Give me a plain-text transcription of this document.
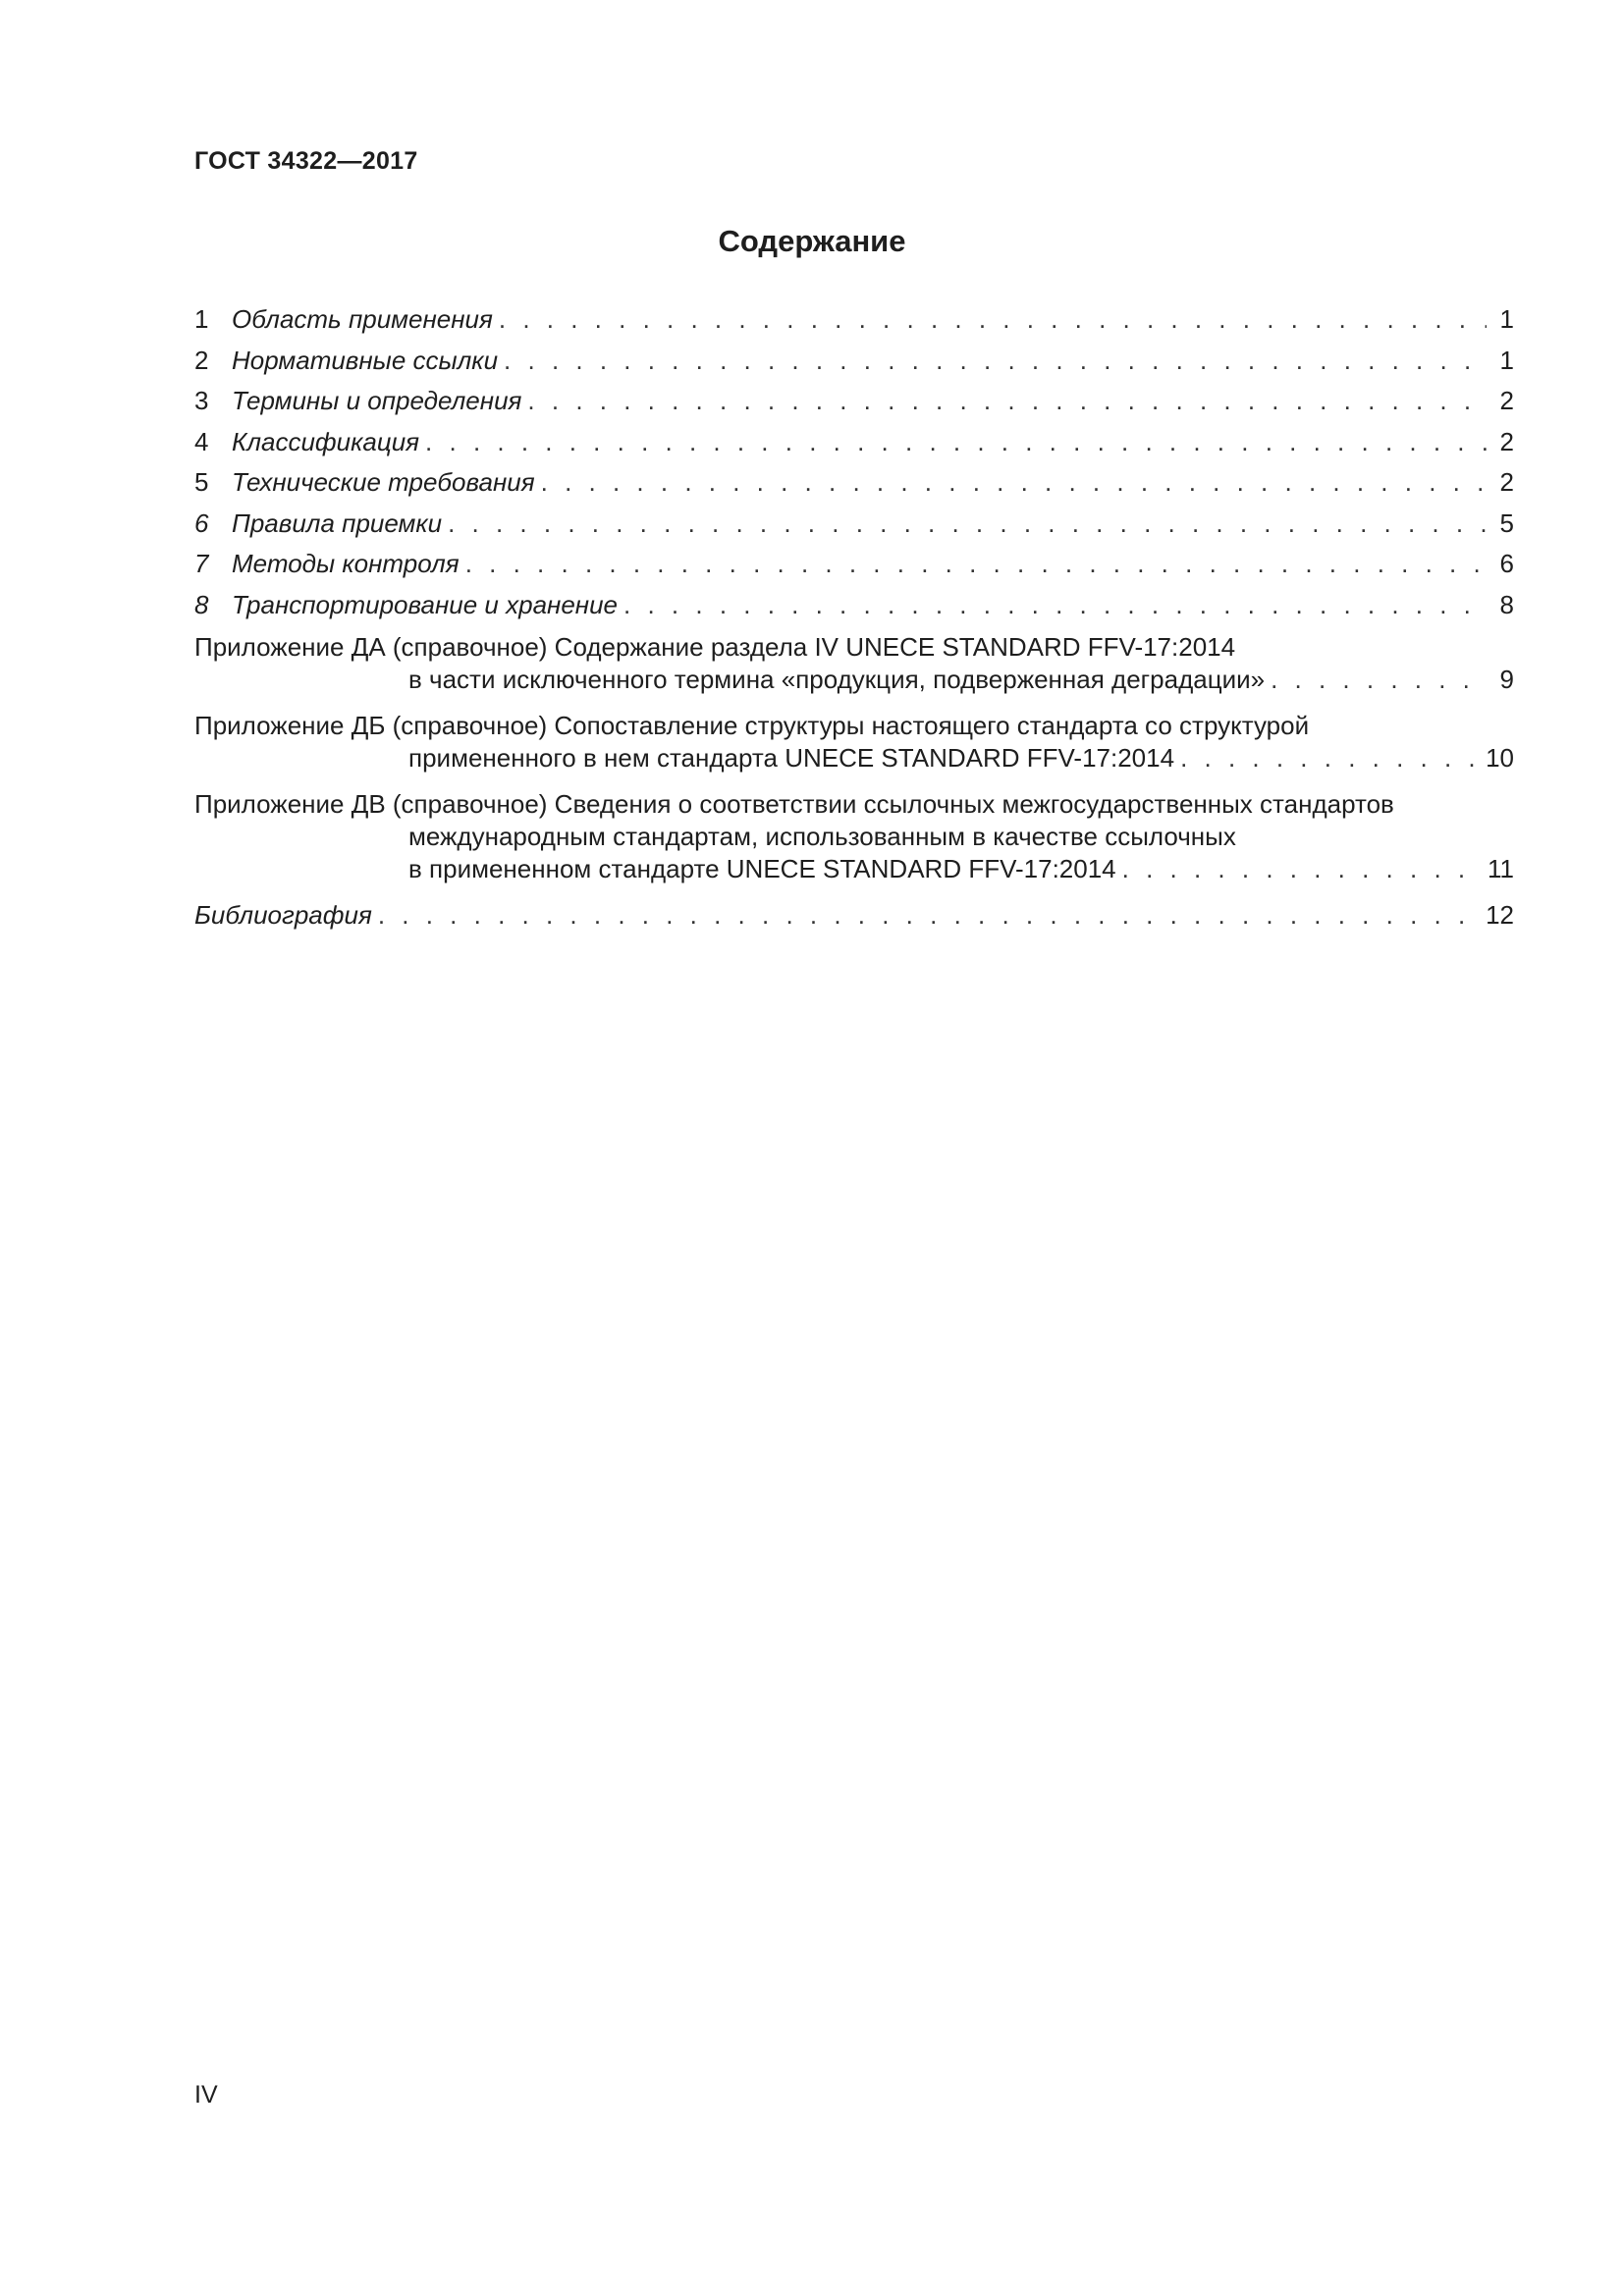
ГОСТ 34322—2017
Содержание
1 Область применения . . .	1
2 Нормативные ссылки . . .	1
3 Термины и определения . . .	2
4 Классификация . . .	2
5 Технические требования . . .	2
6 Правила приемки . . .	5
7 Методы контроля . . .	6
8 Транспортирование и хранение . . .	8
Приложение ДА (справочное) Содержание раздела IV UNECE STANDARD FFV-17:2014
в части исключенного термина «продукция, подверженная деградации» . . .	9
Приложение ДБ (справочное) Сопоставление структуры настоящего стандарта со структурой
примененного в нем стандарта UNECE STANDARD FFV-17:2014 . . .	10
Приложение ДВ (справочное) Сведения о соответствии ссылочных межгосударственных стандартов
международным стандартам, использованным в качестве ссылочных
в примененном стандарте UNECE STANDARD FFV-17:2014 . . .	11
Библиография . . .	12
IV
